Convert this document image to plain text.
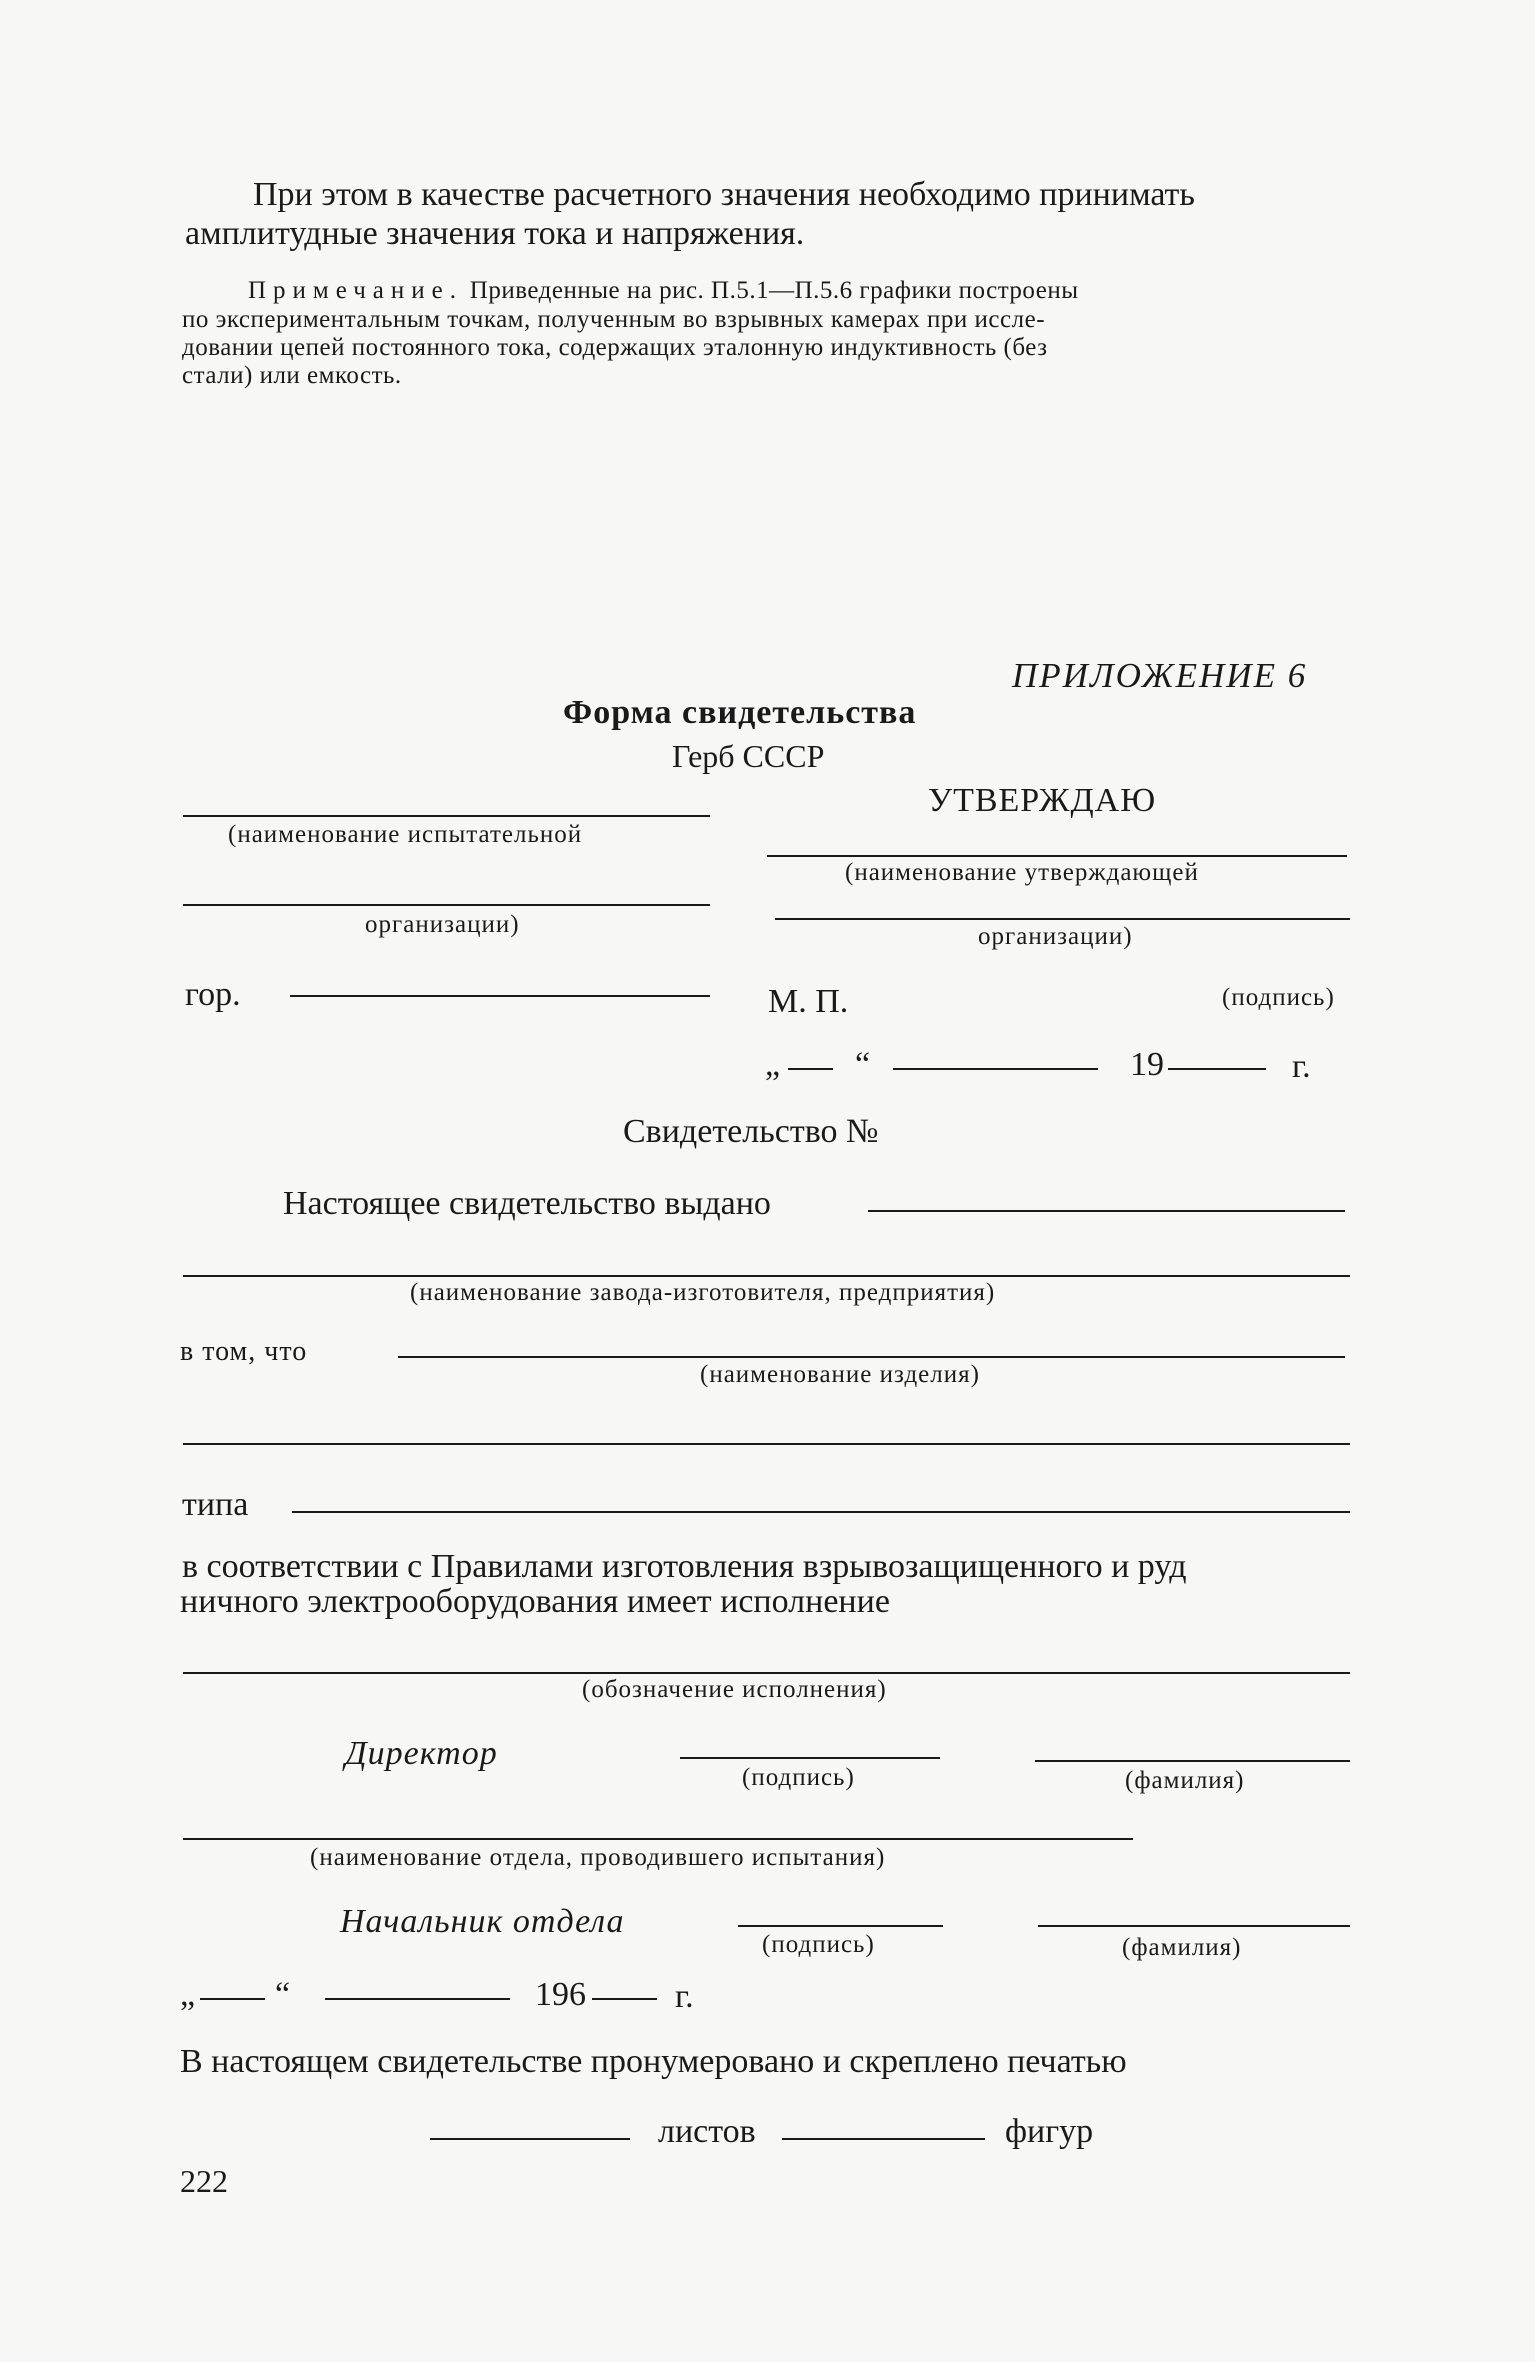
При этом в качестве расчетного значения необходимо принимать
амплитудные значения тока и напряжения.
Примечание. Приведенные на рис. П.5.1—П.5.6 графики построены
по экспериментальным точкам, полученным во взрывных камерах при иссле-
довании цепей постоянного тока, содержащих эталонную индуктивность (без
стали) или емкость.
ПРИЛОЖЕНИЕ 6
Форма свидетельства
Герб СССР
(наименование испытательной
организации)
гор.
УТВЕРЖДАЮ
(наименование утверждающей
организации)
М. П.	(подпись)
„ “	19	г.
Свидетельство №
Настоящее свидетельство выдано
(наименование завода-изготовителя, предприятия)
в том, что
(наименование изделия)
типа
в соответствии с Правилами изготовления взрывозащищенного и руд
ничного электрооборудования имеет исполнение
(обозначение исполнения)
Директор
(подпись)	(фамилия)
(наименование отдела, проводившего испытания)
Начальник отдела
(подпись)	(фамилия)
„ “	196	г.
В настоящем свидетельстве пронумеровано и скреплено печатью
листов	фигур
222
